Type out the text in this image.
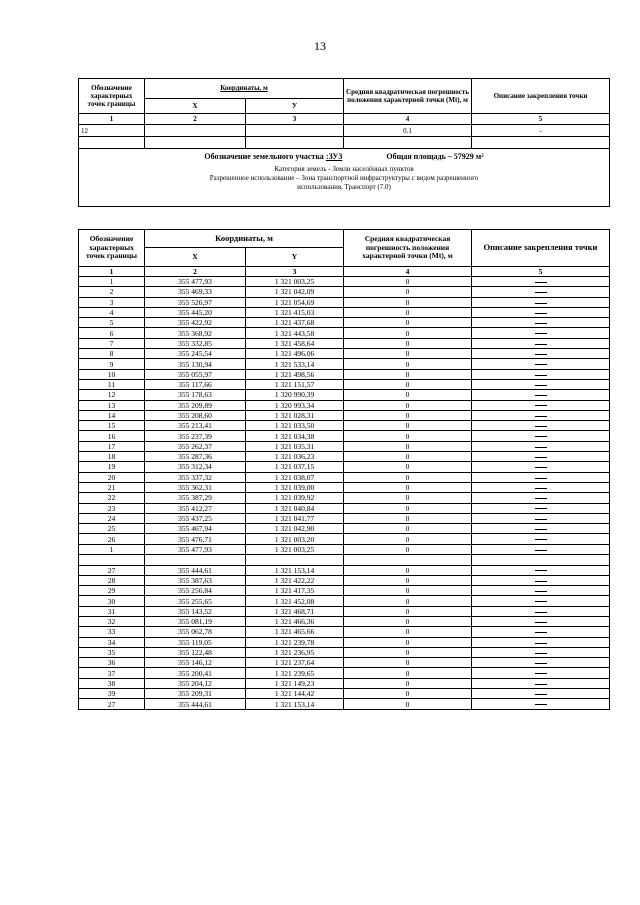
13
Обозначение характерных точек границы	Координаты, м		Средняя квадратическая погрешность положения характерной точки (Mt), м	Описание закрепления точки
	Х	У		
1	2	3	4	5
12			0.1	-

Обозначение земельного участка :ЗУ3 Общая площадь – 57929 м²
Категория земель - Земли населённых пунктов
Разрешенное использование – Зона транспортной инфраструктуры с видом разрешенного
использования, Транспорт (7.0)				
Обозначение характерных точек границы	Координаты, м		Средняя квадратическая погрешность положения характерной точки (Mt), м	Описание закрепления точки
	X	Y		
1	2	3	4	5
1	355 477,93	1 321 003,25	0	
2	355 469,33	1 321 042,09	0	
3	355 526,97	1 321 054,69	0	
4	355 445,20	1 321 415,03	0	
5	355 422,92	1 321 437,68	0	
6	355 368,92	1 321 443,58	0	
7	355 332,85	1 321 458,64	0	
8	355 245,54	1 321 496,06	0	
9	355 130,94	1 321 533,14	0	
10	355 055,97	1 321 498,56	0	
11	355 117,66	1 321 151,57	0	
12	355 178,63	1 320 990,39	0	
13	355 209,89	1 320 993,34	0	
14	355 208,60	1 321 028,31	0	
15	355 213,41	1 321 033,50	0	
16	355 237,39	1 321 034,38	0	
17	355 262,37	1 321 035,31	0	
18	355 287,36	1 321 036,23	0	
19	355 312,34	1 321 037,15	0	
20	355 337,32	1 321 038,07	0	
21	355 362,31	1 321 039,00	0	
22	355 387,29	1 321 039,92	0	
23	355 412,27	1 321 040,84	0	
24	355 437,25	1 321 041,77	0	
25	355 467,94	1 321 042,90	0	
26	355 476,71	1 321 003,20	0	
1	355 477,93	1 321 003,25	0	

27	355 444,61	1 321 153,14	0	
28	355 387,63	1 321 422,22	0	
29	355 256,84	1 321 417,35	0	
30	355 255,65	1 321 452,08	0	
31	355 143,52	1 321 468,71	0	
32	355 081,19	1 321 466,36	0	
33	355 062,78	1 321 465,66	0	
34	355 119,05	1 321 239,78	0	
35	355 122,48	1 321 236,95	0	
36	355 146,12	1 321 237,64	0	
37	355 200,41	1 321 239,65	0	
38	355 204,12	1 321 149,23	0	
39	355 209,31	1 321 144,42	0	
27	355 444,61	1 321 153,14	0	
